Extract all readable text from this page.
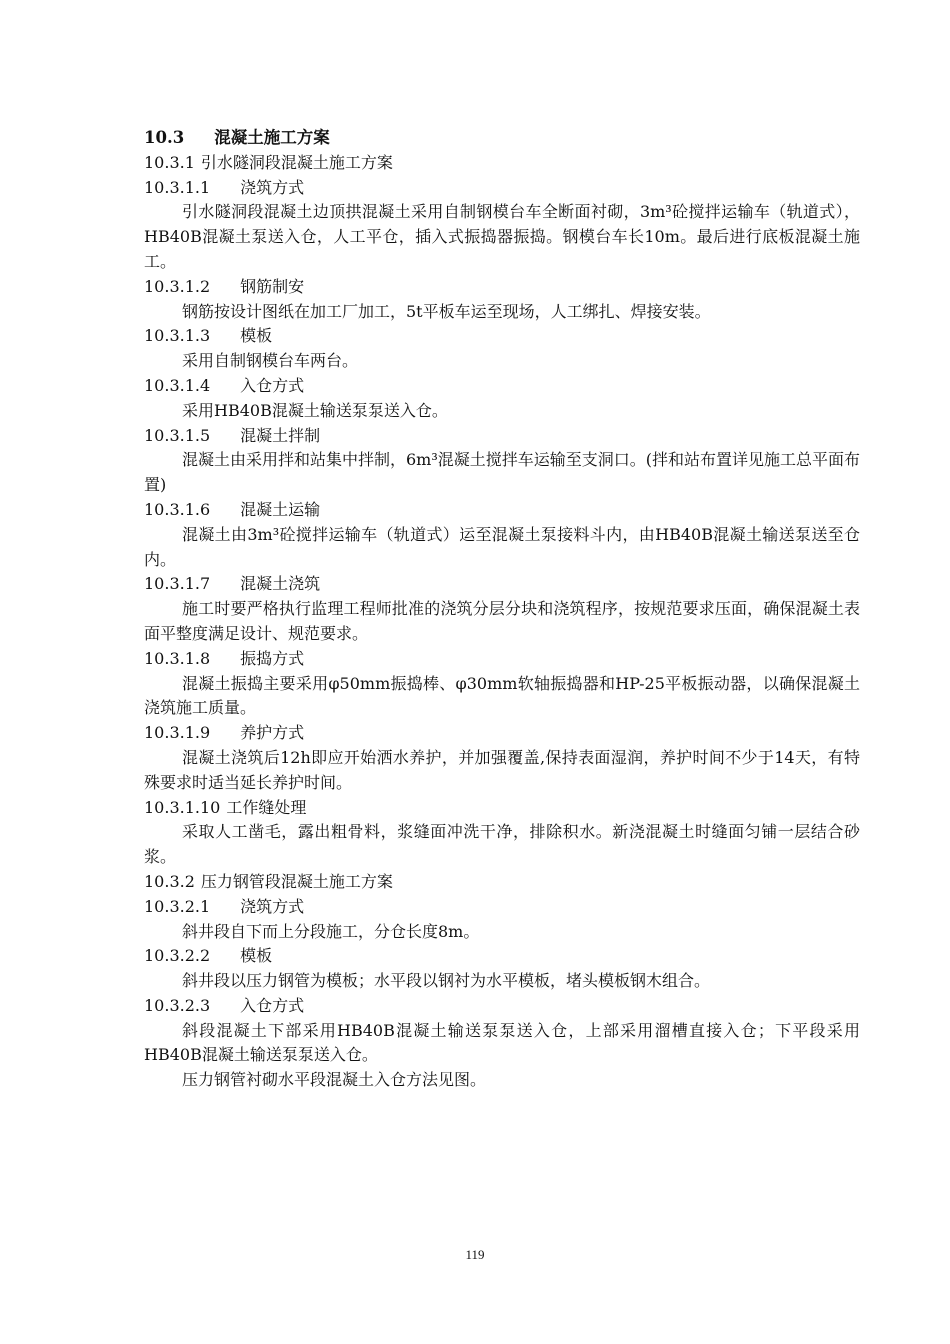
10.3 混凝土施工方案
10.3.1 引水隧洞段混凝土施工方案
10.3.1.1 浇筑方式

引水隧洞段混凝土边顶拱混凝土采用自制钢模台车全断面衬砌，3m³砼搅拌运输车（轨道式），HB40B混凝土泵送入仓，人工平仓，插入式振捣器振捣。钢模台车长10m。最后进行底板混凝土施工。

10.3.1.2 钢筋制安

钢筋按设计图纸在加工厂加工，5t平板车运至现场，人工绑扎、焊接安装。

10.3.1.3 模板

采用自制钢模台车两台。

10.3.1.4 入仓方式

采用HB40B混凝土输送泵泵送入仓。

10.3.1.5 混凝土拌制

混凝土由采用拌和站集中拌制，6m³混凝土搅拌车运输至支洞口。(拌和站布置详见施工总平面布置)

10.3.1.6 混凝土运输

混凝土由3m³砼搅拌运输车（轨道式）运至混凝土泵接料斗内，由HB40B混凝土输送泵送至仓内。

10.3.1.7 混凝土浇筑

施工时要严格执行监理工程师批准的浇筑分层分块和浇筑程序，按规范要求压面，确保混凝土表面平整度满足设计、规范要求。

10.3.1.8 振捣方式

混凝土振捣主要采用φ50mm振捣棒、φ30mm软轴振捣器和HP-25平板振动器，以确保混凝土浇筑施工质量。

10.3.1.9 养护方式

混凝土浇筑后12h即应开始洒水养护，并加强覆盖,保持表面湿润，养护时间不少于14天，有特殊要求时适当延长养护时间。

10.3.1.10 工作缝处理

采取人工凿毛，露出粗骨料，浆缝面冲洗干净，排除积水。新浇混凝土时缝面匀铺一层结合砂浆。

10.3.2 压力钢管段混凝土施工方案
10.3.2.1 浇筑方式

斜井段自下而上分段施工，分仓长度8m。

10.3.2.2 模板

斜井段以压力钢管为模板；水平段以钢衬为水平模板，堵头模板钢木组合。

10.3.2.3 入仓方式

斜段混凝土下部采用HB40B混凝土输送泵泵送入仓，上部采用溜槽直接入仓；下平段采用HB40B混凝土输送泵泵送入仓。

压力钢管衬砌水平段混凝土入仓方法见图。

119
